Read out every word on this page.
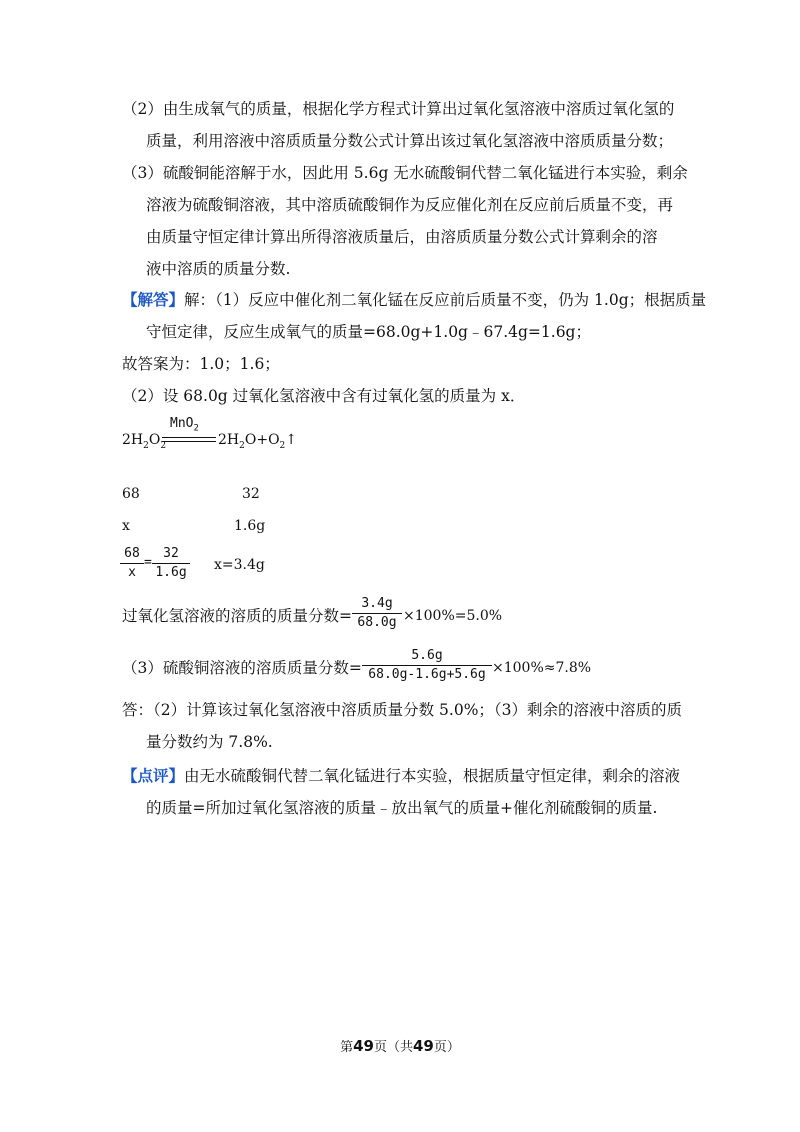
（2）由生成氧气的质量，根据化学方程式计算出过氧化氢溶液中溶质过氧化氢的
质量，利用溶液中溶质质量分数公式计算出该过氧化氢溶液中溶质质量分数；
（3）硫酸铜能溶解于水，因此用 5.6g 无水硫酸铜代替二氧化锰进行本实验，剩余
溶液为硫酸铜溶液，其中溶质硫酸铜作为反应催化剂在反应前后质量不变，再
由质量守恒定律计算出所得溶液质量后，由溶质质量分数公式计算剩余的溶
液中溶质的质量分数.
【解答】解：（1）反应中催化剂二氧化锰在反应前后质量不变，仍为 1.0g；根据质量
守恒定律，反应生成氧气的质量=68.0g+1.0g﹣67.4g=1.6g；
故答案为：1.0；1.6；
（2）设 68.0g 过氧化氢溶液中含有过氧化氢的质量为 x．
$2H_2O_2$
MnO$_2$
$2H_2O+O_2↑$
68	32
x	1.6g
68
x
=
32
1.6g x=3.4g
过氧化氢溶液的溶质的质量分数=
3.4g
68.0g ×100%=5.0%
（3）硫酸铜溶液的溶质质量分数=
5.6g
68.0g-1.6g+5.6g ×100%≈7.8%
答：（2）计算该过氧化氢溶液中溶质质量分数 5.0%；（3）剩余的溶液中溶质的质
量分数约为 7.8%.
【点评】由无水硫酸铜代替二氧化锰进行本实验，根据质量守恒定律，剩余的溶液
的质量=所加过氧化氢溶液的质量﹣放出氧气的质量+催化剂硫酸铜的质量.
第49页（共49页）
